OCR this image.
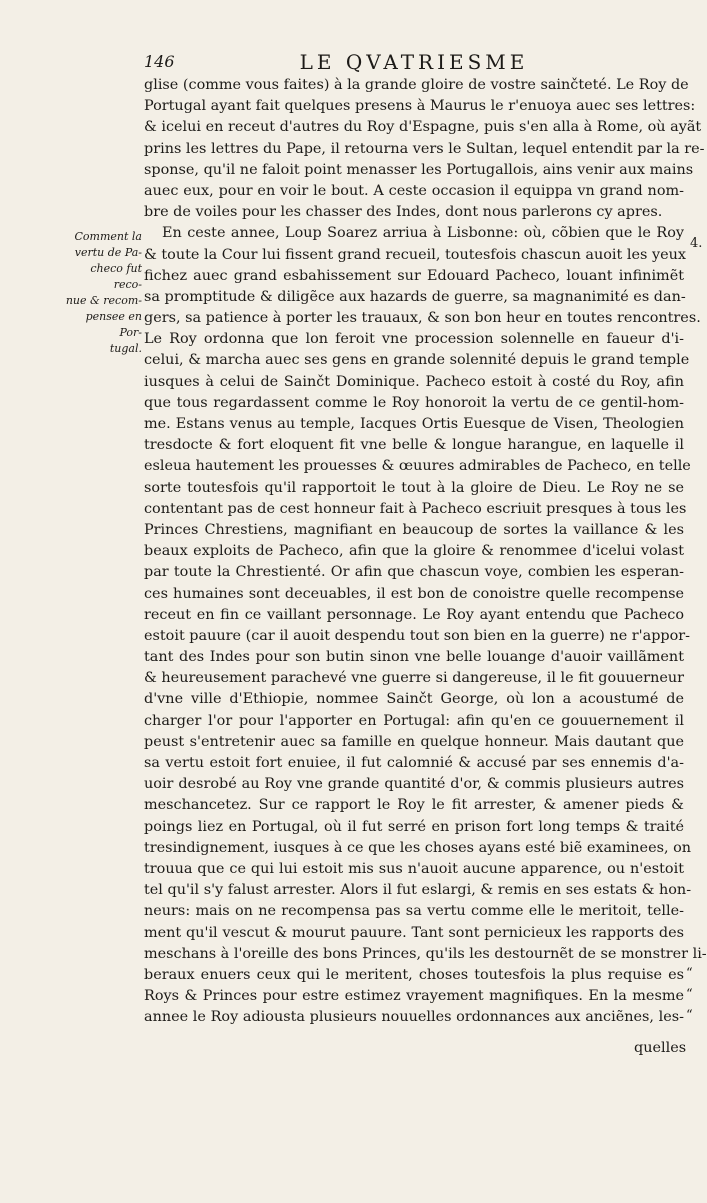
146	LE QVATRIESME
Comment la
vertu de Pa-
checo fut reco-
nue & recom-
pensee en Por-
tugal.
4.
glise (comme vous faites) à la grande gloire de vostre sainčteté. Le Roy de
Portugal ayant fait quelques presens à Maurus le r'enuoya auec ses lettres:
& icelui en receut d'autres du Roy d'Espagne, puis s'en alla à Rome, où ayãt
prins les lettres du Pape, il retourna vers le Sultan, lequel entendit par la re-
sponse, qu'il ne faloit point menasser les Portugallois, ains venir aux mains
auec eux, pour en voir le bout. A ceste occasion il equippa vn grand nom-
bre de voiles pour les chasser des Indes, dont nous parlerons cy apres.
En ceste annee, Loup Soarez arriua à Lisbonne: où, cõbien que le Roy
& toute la Cour lui fissent grand recueil, toutesfois chascun auoit les yeux
fichez auec grand esbahissement sur Edouard Pacheco, louant infinimẽt
sa promptitude & diligẽce aux hazards de guerre, sa magnanimité es dan-
gers, sa patience à porter les trauaux, & son bon heur en toutes rencontres.
Le Roy ordonna que lon feroit vne procession solennelle en faueur d'i-
celui, & marcha auec ses gens en grande solennité depuis le grand temple
iusques à celui de Sainčt Dominique. Pacheco estoit à costé du Roy, afin
que tous regardassent comme le Roy honoroit la vertu de ce gentil-hom-
me. Estans venus au temple, Iacques Ortis Euesque de Visen, Theologien
tresdocte & fort eloquent fit vne belle & longue harangue, en laquelle il
esleua hautement les prouesses & œuures admirables de Pacheco, en telle
sorte toutesfois qu'il rapportoit le tout à la gloire de Dieu. Le Roy ne se
contentant pas de cest honneur fait à Pacheco escriuit presques à tous les
Princes Chrestiens, magnifiant en beaucoup de sortes la vaillance & les
beaux exploits de Pacheco, afin que la gloire & renommee d'icelui volast
par toute la Chrestienté. Or afin que chascun voye, combien les esperan-
ces humaines sont deceuables, il est bon de conoistre quelle recompense
receut en fin ce vaillant personnage. Le Roy ayant entendu que Pacheco
estoit pauure (car il auoit despendu tout son bien en la guerre) ne r'appor-
tant des Indes pour son butin sinon vne belle louange d'auoir vaillãment
& heureusement parachevé vne guerre si dangereuse, il le fit gouuerneur
d'vne ville d'Ethiopie, nommee Sainčt George, où lon a acoustumé de
charger l'or pour l'apporter en Portugal: afin qu'en ce gouuernement il
peust s'entretenir auec sa famille en quelque honneur. Mais dautant que
sa vertu estoit fort enuiee, il fut calomnié & accusé par ses ennemis d'a-
uoir desrobé au Roy vne grande quantité d'or, & commis plusieurs autres
meschancetez. Sur ce rapport le Roy le fit arrester, & amener pieds &
poings liez en Portugal, où il fut serré en prison fort long temps & traité
tresindignement, iusques à ce que les choses ayans esté biẽ examinees, on
trouua que ce qui lui estoit mis sus n'auoit aucune apparence, ou n'estoit
tel qu'il s'y falust arrester. Alors il fut eslargi, & remis en ses estats & hon-
neurs: mais on ne recompensa pas sa vertu comme elle le meritoit, telle-
ment qu'il vescut & mourut pauure. Tant sont pernicieux les rapports des
meschans à l'oreille des bons Princes, qu'ils les destournẽt de se monstrer li-
beraux enuers ceux qui le meritent, choses toutesfois la plus requise es
Roys & Princes pour estre estimez vrayement magnifiques. En la mesme
annee le Roy adiousta plusieurs nouuelles ordonnances aux anciẽnes, les-
“
“
“
quelles
